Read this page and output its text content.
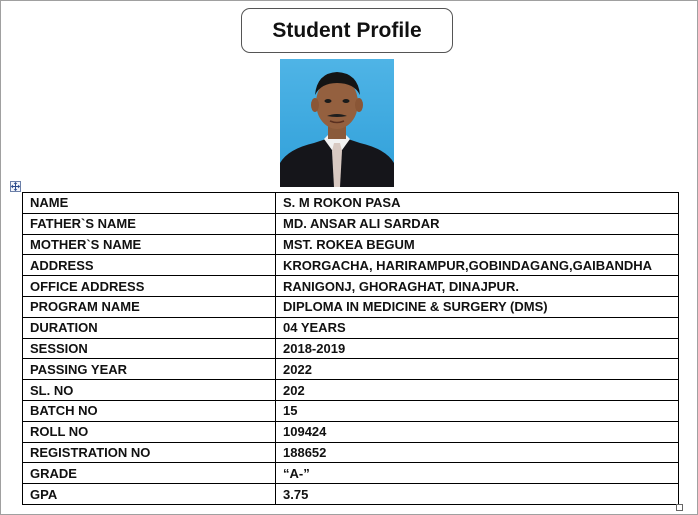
Student Profile
NAME	S. M ROKON PASA
FATHER`S NAME	MD. ANSAR ALI SARDAR
MOTHER`S NAME	MST. ROKEA BEGUM
ADDRESS	KRORGACHA, HARIRAMPUR,GOBINDAGANG,GAIBANDHA
OFFICE ADDRESS	RANIGONJ, GHORAGHAT, DINAJPUR.
PROGRAM NAME	DIPLOMA IN MEDICINE & SURGERY (DMS)
DURATION	04 YEARS
SESSION	2018-2019
PASSING YEAR	2022
SL. NO	202
BATCH NO	15
ROLL NO	109424
REGISTRATION NO	188652
GRADE	“A-”
GPA	3.75
